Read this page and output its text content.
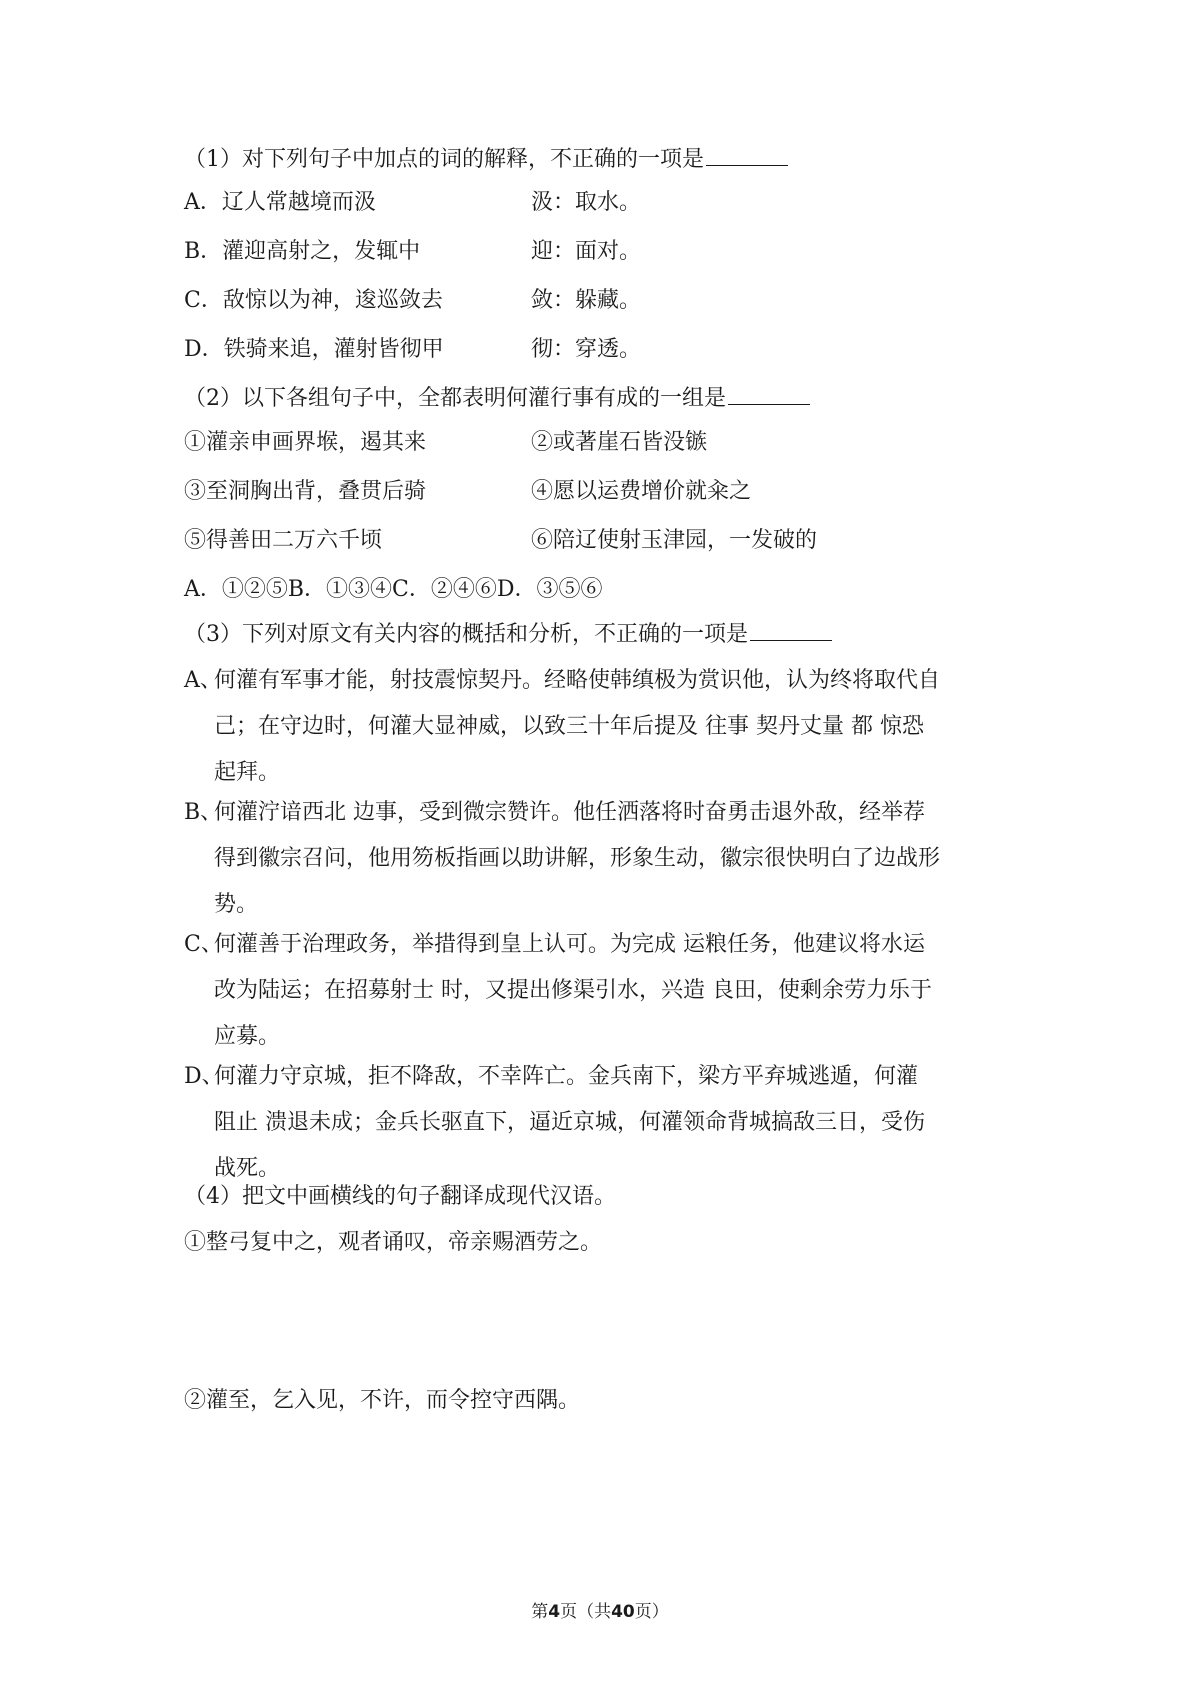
（1）对下列句子中加点的词的解释，不正确的一项是
A．辽人常越境而汲	汲：取水。
B．灌迎高射之，发辄中	迎：面对。
C．敌惊以为神，逡巡敛去	敛：躲藏。
D．铁骑来追，灌射皆彻甲	彻：穿透。
（2）以下各组句子中，全都表明何灌行事有成的一组是
①灌亲申画界堠，遏其来	②或著崖石皆没镞
③至洞胸出背，叠贯后骑	④愿以运费增价就籴之
⑤得善田二万六千顷	⑥陪辽使射玉津园，一发破的
A．①②⑤B．①③④C．②④⑥D．③⑤⑥
（3）下列对原文有关内容的概括和分析，不正确的一项是
A、
何灌有军事才能，射技震惊契丹。经略使韩缜极为赏识他，认为终将取代自
己；在守边时，何灌大显神威，以致三十年后提及 往事 契丹丈量 都 惊恐
起拜。
B、
何灌泞谙西北 边事，受到微宗赞许。他任洒落将时奋勇击退外敌，经举荐
得到徽宗召问，他用笏板指画以助讲解，形象生动，徽宗很快明白了边战形
势。
C、
何灌善于治理政务，举措得到皇上认可。为完成 运粮任务，他建议将水运
改为陆运；在招募射士 时，又提出修渠引水，兴造 良田，使剩余劳力乐于
应募。
D、
何灌力守京城，拒不降敌，不幸阵亡。金兵南下，梁方平弃城逃遁，何灌
阻止 溃退未成；金兵长驱直下，逼近京城，何灌领命背城搞敌三日，受伤
战死。
（4）把文中画横线的句子翻译成现代汉语。
①整弓复中之，观者诵叹，帝亲赐酒劳之。
②灌至，乞入见，不许，而令控守西隅。
第4页（共40页）
